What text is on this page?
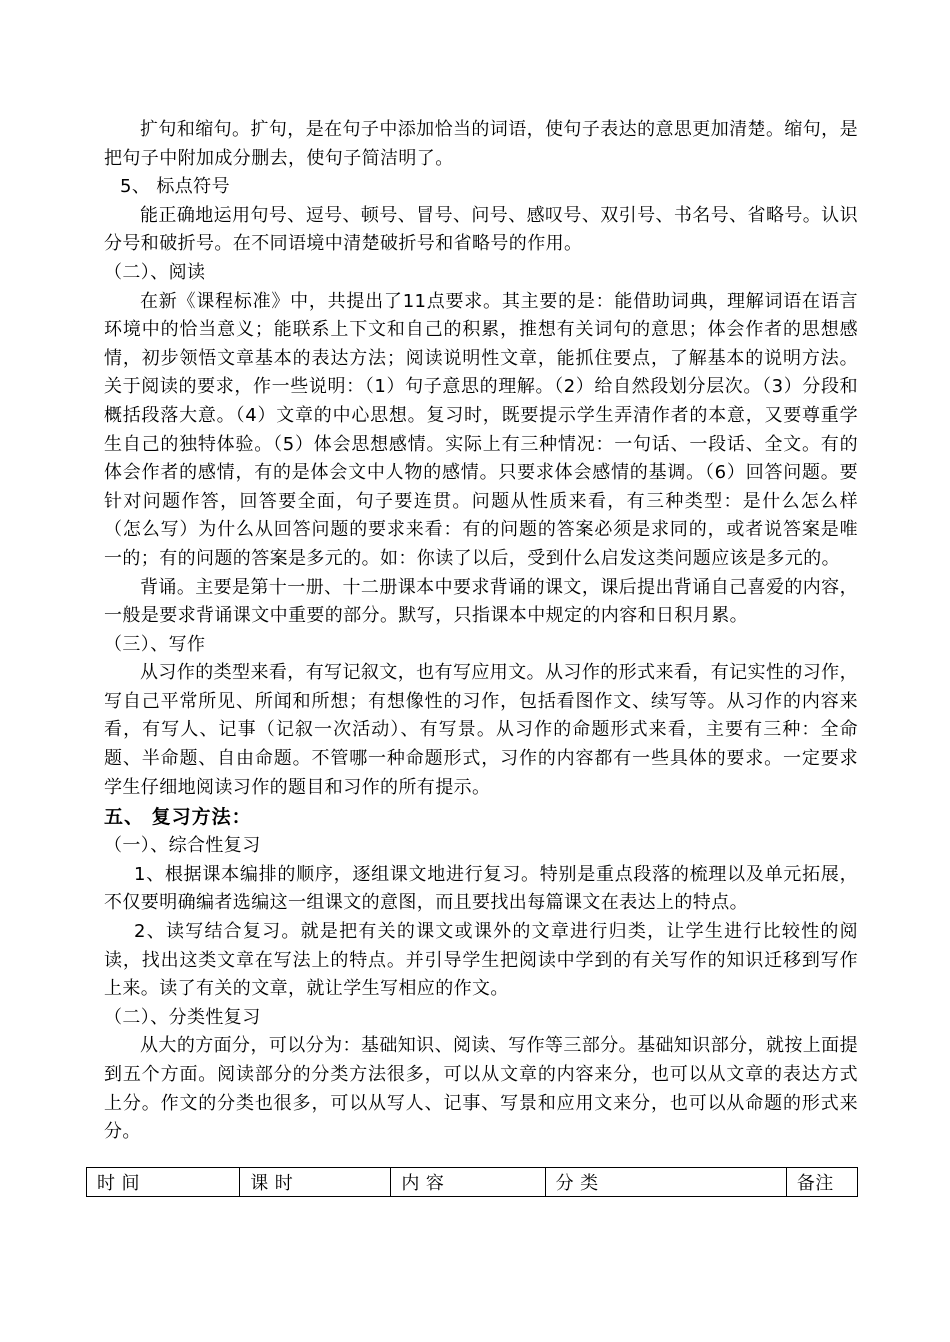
扩句和缩句。扩句，是在句子中添加恰当的词语，使句子表达的意思更加清楚。缩句，是把句子中附加成分删去，使句子简洁明了。

5、 标点符号

能正确地运用句号、逗号、顿号、冒号、问号、感叹号、双引号、书名号、省略号。认识分号和破折号。在不同语境中清楚破折号和省略号的作用。

（二）、阅读

在新《课程标准》中，共提出了11点要求。其主要的是：能借助词典，理解词语在语言环境中的恰当意义；能联系上下文和自己的积累，推想有关词句的意思；体会作者的思想感情，初步领悟文章基本的表达方法；阅读说明性文章，能抓住要点，了解基本的说明方法。关于阅读的要求，作一些说明：（1）句子意思的理解。（2）给自然段划分层次。（3）分段和概括段落大意。（4）文章的中心思想。复习时，既要提示学生弄清作者的本意，又要尊重学生自己的独特体验。（5）体会思想感情。实际上有三种情况：一句话、一段话、全文。有的体会作者的感情，有的是体会文中人物的感情。只要求体会感情的基调。（6）回答问题。要针对问题作答，回答要全面，句子要连贯。问题从性质来看，有三种类型：是什么怎么样（怎么写）为什么从回答问题的要求来看：有的问题的答案必须是求同的，或者说答案是唯一的；有的问题的答案是多元的。如：你读了以后，受到什么启发这类问题应该是多元的。

背诵。主要是第十一册、十二册课本中要求背诵的课文，课后提出背诵自己喜爱的内容，一般是要求背诵课文中重要的部分。默写，只指课本中规定的内容和日积月累。

（三）、写作

从习作的类型来看，有写记叙文，也有写应用文。从习作的形式来看，有记实性的习作，写自己平常所见、所闻和所想；有想像性的习作，包括看图作文、续写等。从习作的内容来看，有写人、记事（记叙一次活动）、有写景。从习作的命题形式来看，主要有三种：全命题、半命题、自由命题。不管哪一种命题形式，习作的内容都有一些具体的要求。一定要求学生仔细地阅读习作的题目和习作的所有提示。

五、 复习方法：

（一）、综合性复习

1、根据课本编排的顺序，逐组课文地进行复习。特别是重点段落的梳理以及单元拓展，不仅要明确编者选编这一组课文的意图，而且要找出每篇课文在表达上的特点。

2、读写结合复习。就是把有关的课文或课外的文章进行归类，让学生进行比较性的阅读，找出这类文章在写法上的特点。并引导学生把阅读中学到的有关写作的知识迁移到写作上来。读了有关的文章，就让学生写相应的作文。

（二）、分类性复习

从大的方面分，可以分为：基础知识、阅读、写作等三部分。基础知识部分，就按上面提到五个方面。阅读部分的分类方法很多，可以从文章的内容来分，也可以从文章的表达方式上分。作文的分类也很多，可以从写人、记事、写景和应用文来分，也可以从命题的形式来分。

时 间	课 时	内 容	分 类	备注
